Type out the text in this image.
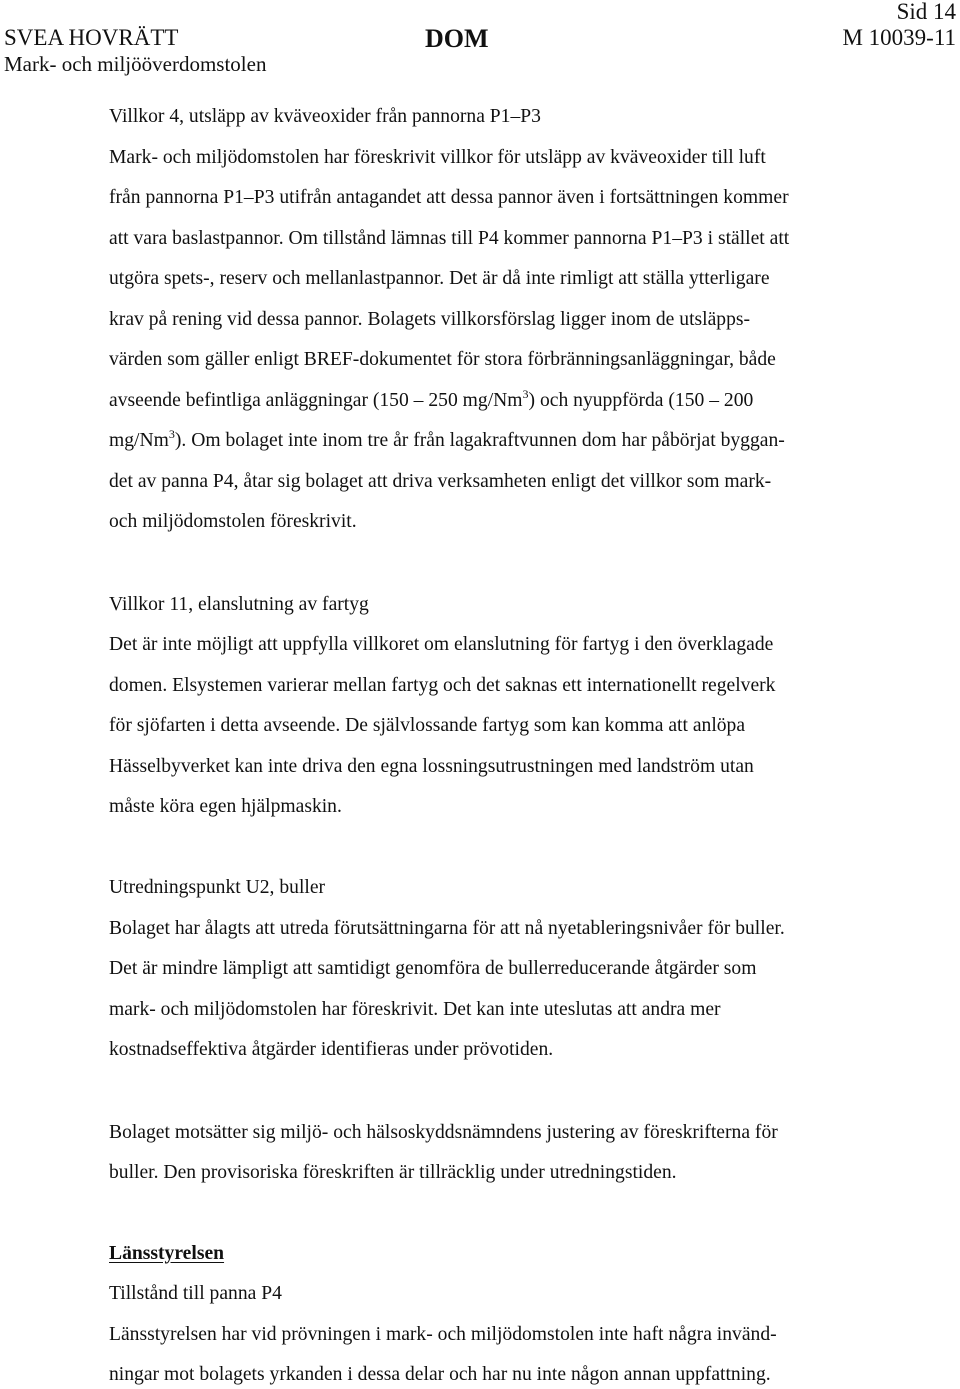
SVEA HOVRÄTT
Mark- och miljööverdomstolen
DOM
Sid 14
M 10039-11
Villkor 4, utsläpp av kväveoxider från pannorna P1–P3
Mark- och miljödomstolen har föreskrivit villkor för utsläpp av kväveoxider till luft
från pannorna P1–P3 utifrån antagandet att dessa pannor även i fortsättningen kommer
att vara baslastpannor. Om tillstånd lämnas till P4 kommer pannorna P1–P3 i stället att
utgöra spets-, reserv och mellanlastpannor. Det är då inte rimligt att ställa ytterligare
krav på rening vid dessa pannor. Bolagets villkorsförslag ligger inom de utsläpps-
värden som gäller enligt BREF-dokumentet för stora förbränningsanläggningar, både
avseende befintliga anläggningar (150 – 250 mg/Nm$^3$) och nyuppförda (150 – 200
mg/Nm$^3$). Om bolaget inte inom tre år från lagakraftvunnen dom har påbörjat byggan-
det av panna P4, åtar sig bolaget att driva verksamheten enligt det villkor som mark-
och miljödomstolen föreskrivit.
Villkor 11, elanslutning av fartyg
Det är inte möjligt att uppfylla villkoret om elanslutning för fartyg i den överklagade
domen. Elsystemen varierar mellan fartyg och det saknas ett internationellt regelverk
för sjöfarten i detta avseende. De självlossande fartyg som kan komma att anlöpa
Hässelbyverket kan inte driva den egna lossningsutrustningen med landström utan
måste köra egen hjälpmaskin.
Utredningspunkt U2, buller
Bolaget har ålagts att utreda förutsättningarna för att nå nyetableringsnivåer för buller.
Det är mindre lämpligt att samtidigt genomföra de bullerreducerande åtgärder som
mark- och miljödomstolen har föreskrivit. Det kan inte uteslutas att andra mer
kostnadseffektiva åtgärder identifieras under prövotiden.
Bolaget motsätter sig miljö- och hälsoskyddsnämndens justering av föreskrifterna för
buller. Den provisoriska föreskriften är tillräcklig under utredningstiden.
Länsstyrelsen
Tillstånd till panna P4
Länsstyrelsen har vid prövningen i mark- och miljödomstolen inte haft några invänd-
ningar mot bolagets yrkanden i dessa delar och har nu inte någon annan uppfattning.
